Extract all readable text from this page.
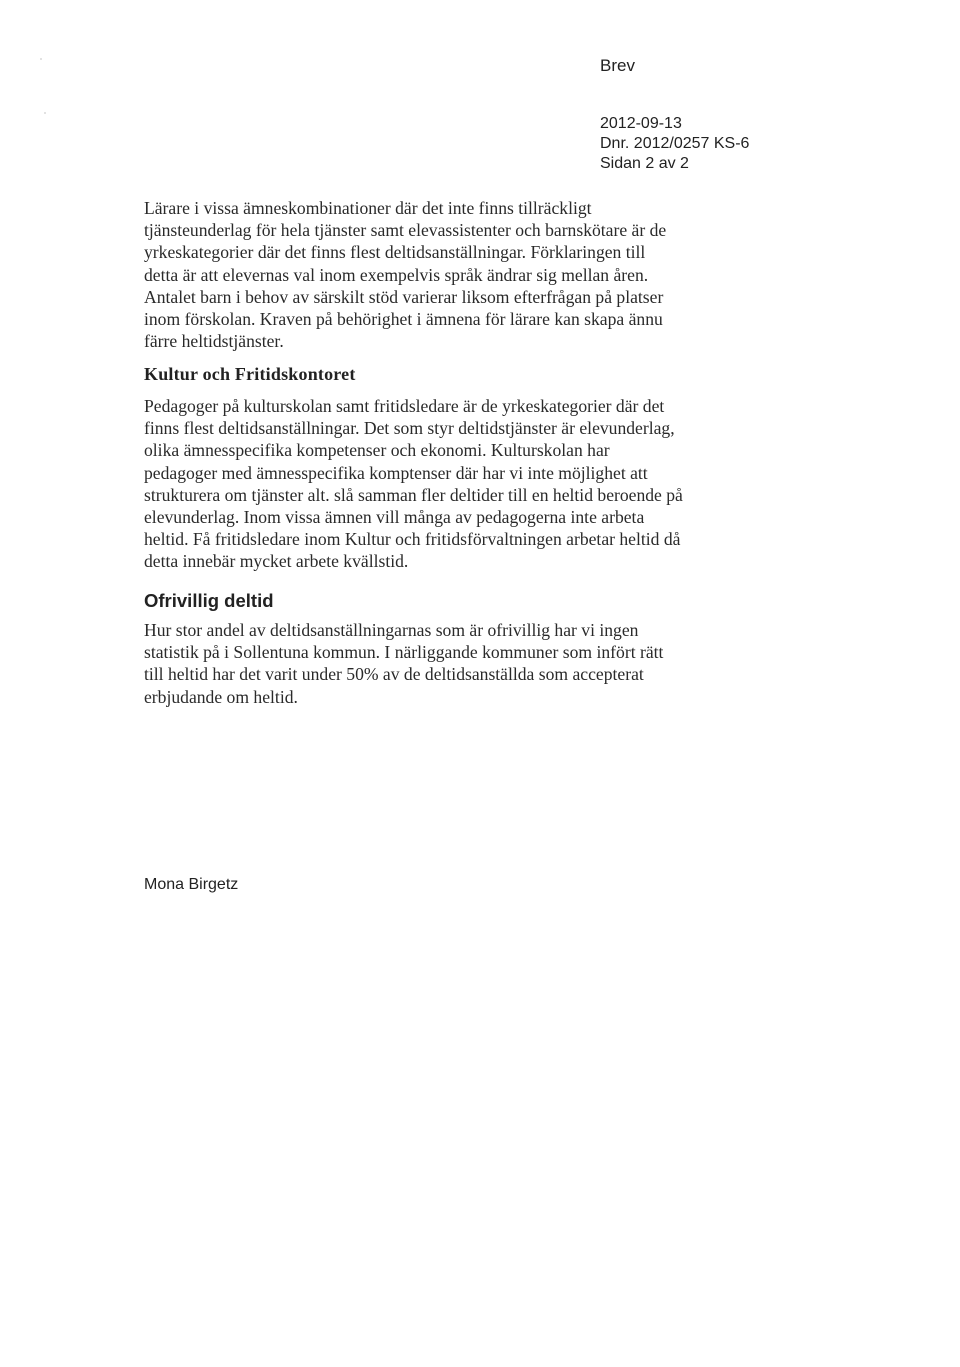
Brev
2012-09-13
Dnr. 2012/0257 KS-6
Sidan 2 av 2

Lärare i vissa ämneskombinationer där det inte finns tillräckligt

tjänsteunderlag för hela tjänster samt elevassistenter och barnskötare är de

yrkeskategorier där det finns flest deltidsanställningar. Förklaringen till

detta är att elevernas val inom exempelvis språk ändrar sig mellan åren.

Antalet barn i behov av särskilt stöd varierar liksom efterfrågan på platser

inom förskolan. Kraven på behörighet i ämnena för lärare kan skapa ännu

färre heltidstjänster.

Kultur och Fritidskontoret

Pedagoger på kulturskolan samt fritidsledare är de yrkeskategorier där det

finns flest deltidsanställningar. Det som styr deltidstjänster är elevunderlag,

olika ämnesspecifika kompetenser och ekonomi. Kulturskolan har

pedagoger med ämnesspecifika komptenser där har vi inte möjlighet att

strukturera om tjänster alt. slå samman fler deltider till en heltid beroende på

elevunderlag. Inom vissa ämnen vill många av pedagogerna inte arbeta

heltid. Få fritidsledare inom Kultur och fritidsförvaltningen arbetar heltid då

detta innebär mycket arbete kvällstid.

Ofrivillig deltid

Hur stor andel av deltidsanställningarnas som är ofrivillig har vi ingen

statistik på i Sollentuna kommun. I närliggande kommuner som infört rätt

till heltid har det varit under 50% av de deltidsanställda som accepterat

erbjudande om heltid.

Mona Birgetz
